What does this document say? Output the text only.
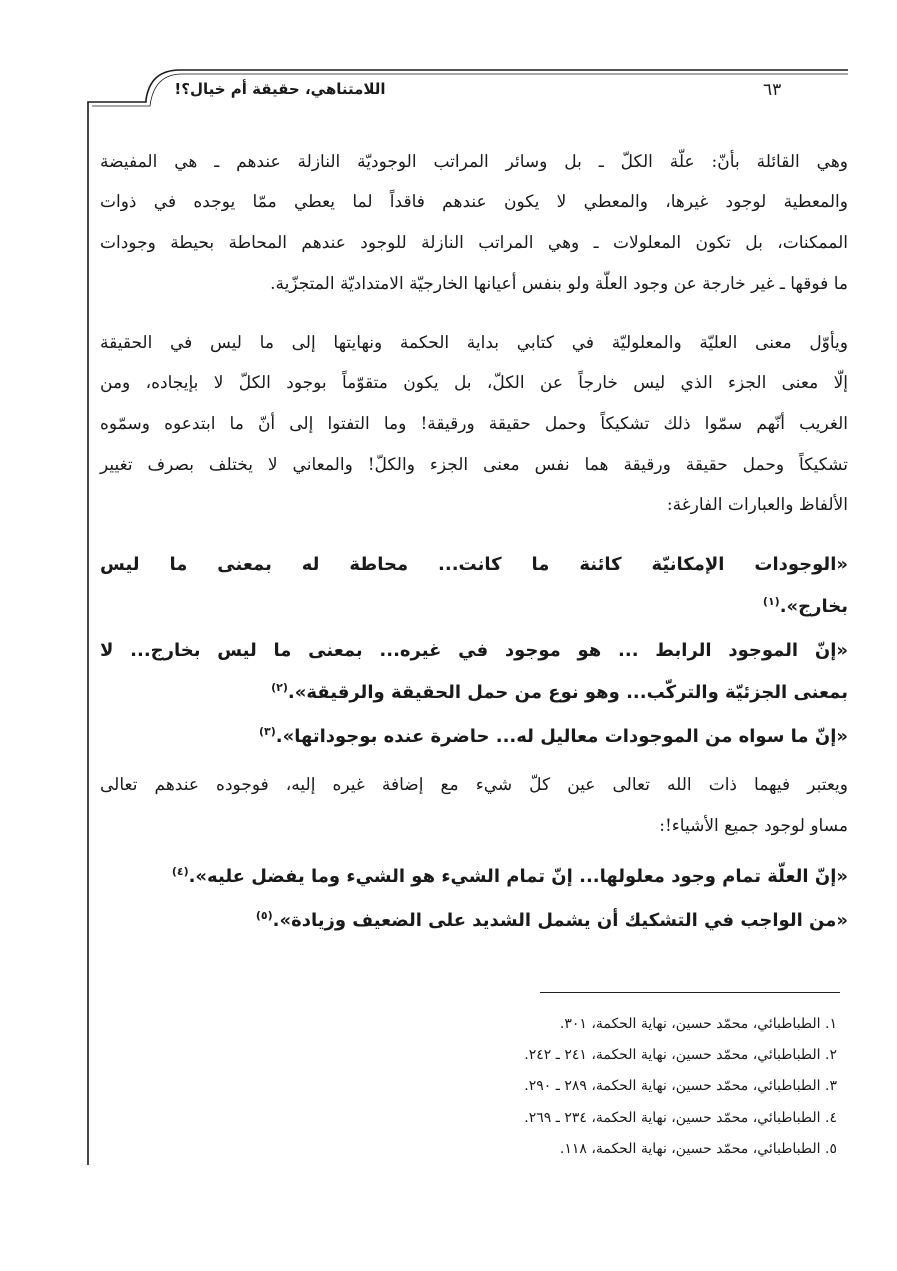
٦٣
اللامتناهي، حقيقة أم خيال؟!
وهي القائلة بأنّ: علّة الكلّ ـ بل وسائر المراتب الوجوديّة النازلة عندهم ـ هي المفيضة
والمعطية لوجود غيرها، والمعطي لا يكون عندهم فاقداً لما يعطي ممّا يوجده في ذوات
الممكنات، بل تكون المعلولات ـ وهي المراتب النازلة للوجود عندهم المحاطة بحيطة وجودات
ما فوقها ـ غير خارجة عن وجود العلّة ولو بنفس أعيانها الخارجيّة الامتداديّة المتجزّية.
ويأوّل معنى العليّة والمعلوليّة في كتابي بداية الحكمة ونهايتها إلى ما ليس في الحقيقة
إلّا معنى الجزء الذي ليس خارجاً عن الكلّ، بل يكون متقوّماً بوجود الكلّ لا بإيجاده، ومن
الغريب أنّهم سمّوا ذلك تشكيكاً وحمل حقيقة ورقيقة! وما التفتوا إلى أنّ ما ابتدعوه وسمّوه
تشكيكاً وحمل حقيقة ورقيقة هما نفس معنى الجزء والكلّ! والمعاني لا يختلف بصرف تغيير
الألفاظ والعبارات الفارغة:
«الوجودات الإمكانيّة كائنة ما كانت... محاطة له بمعنى ما ليس
بخارج».$^{(١)}$
«إنّ الموجود الرابط ... هو موجود في غيره... بمعنى ما ليس بخارج... لا
بمعنى الجزئيّة والتركّب... وهو نوع من حمل الحقيقة والرقيقة».$^{(٢)}$
«إنّ ما سواه من الموجودات معاليل له... حاضرة عنده بوجوداتها».$^{(٣)}$
ويعتبر فيهما ذات الله تعالى عين كلّ شيء مع إضافة غيره إليه، فوجوده عندهم تعالى
مساو لوجود جميع الأشياء!:
«إنّ العلّة تمام وجود معلولها... إنّ تمام الشيء هو الشيء وما يفضل عليه».$^{(٤)}$
«من الواجب في التشكيك أن يشمل الشديد على الضعيف وزيادة».$^{(٥)}$
١. الطباطبائي، محمّد حسين، نهاية الحكمة، ٣٠١.
٢. الطباطبائي، محمّد حسين، نهاية الحكمة، ٢٤١ ـ ٢٤٢.
٣. الطباطبائي، محمّد حسين، نهاية الحكمة، ٢٨٩ ـ ٢٩٠.
٤. الطباطبائي، محمّد حسين، نهاية الحكمة، ٢٣٤ ـ ٢٦٩.
٥. الطباطبائي، محمّد حسين، نهاية الحكمة، ١١٨.
